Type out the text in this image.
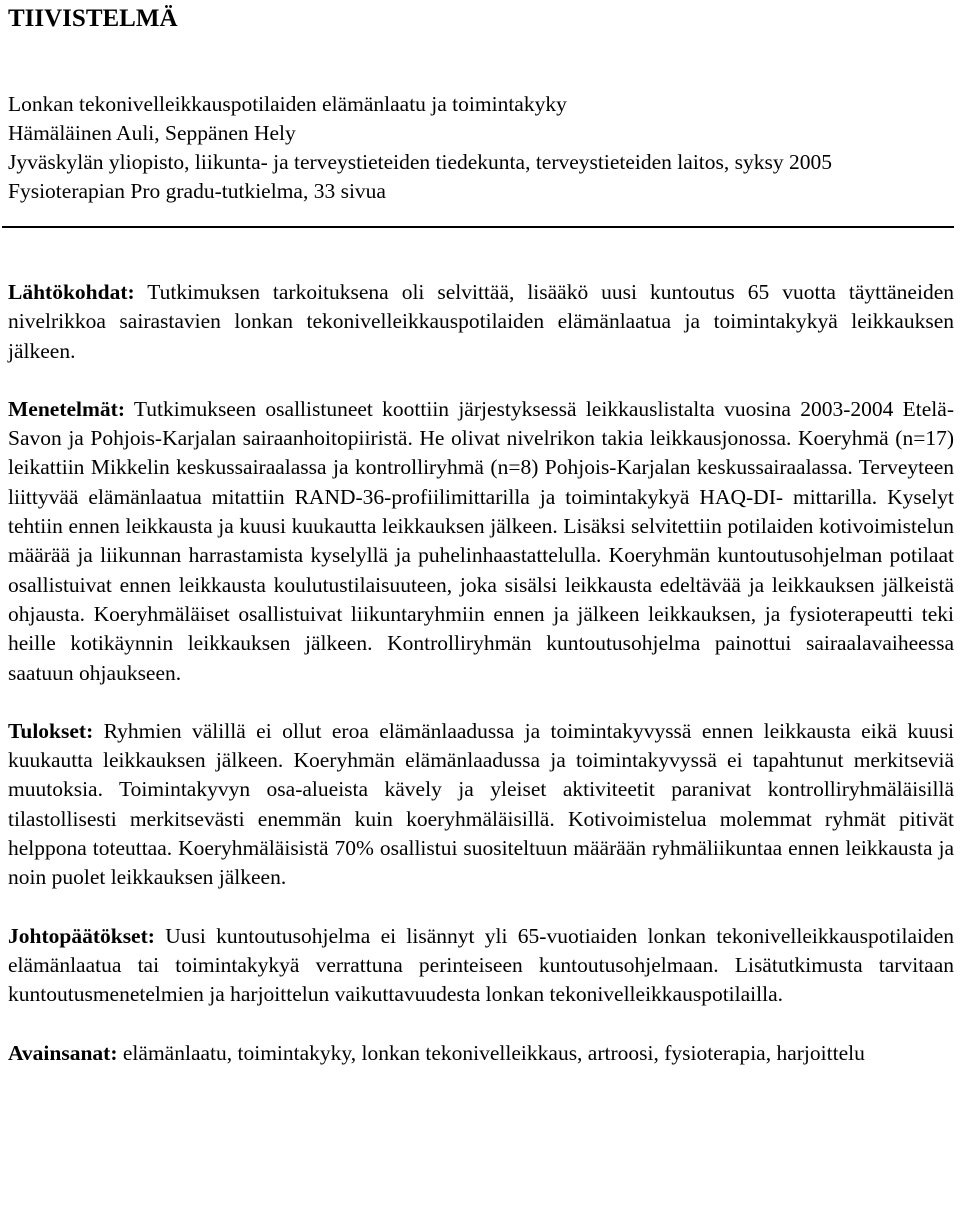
TIIVISTELMÄ
Lonkan tekonivelleikkauspotilaiden elämänlaatu ja toimintakyky
Hämäläinen Auli, Seppänen Hely
Jyväskylän yliopisto, liikunta- ja terveystieteiden tiedekunta, terveystieteiden laitos, syksy 2005
Fysioterapian Pro gradu-tutkielma, 33 sivua

Lähtökohdat: Tutkimuksen tarkoituksena oli selvittää, lisääkö uusi kuntoutus 65 vuotta täyttäneiden nivelrikkoa sairastavien lonkan tekonivelleikkauspotilaiden elämänlaatua ja toimintakykyä leikkauksen jälkeen.

Menetelmät: Tutkimukseen osallistuneet koottiin järjestyksessä leikkauslistalta vuosina 2003-2004 Etelä-Savon ja Pohjois-Karjalan sairaanhoitopiiristä. He olivat nivelrikon takia leikkausjonossa. Koeryhmä (n=17) leikattiin Mikkelin keskussairaalassa ja kontrolliryhmä (n=8) Pohjois-Karjalan keskussairaalassa. Terveyteen liittyvää elämänlaatua mitattiin RAND-36-profiilimittarilla ja toimintakykyä HAQ-DI- mittarilla. Kyselyt tehtiin ennen leikkausta ja kuusi kuukautta leikkauksen jälkeen. Lisäksi selvitettiin potilaiden kotivoimistelun määrää ja liikunnan harrastamista kyselyllä ja puhelinhaastattelulla. Koeryhmän kuntoutusohjelman potilaat osallistuivat ennen leikkausta koulutustilaisuuteen, joka sisälsi leikkausta edeltävää ja leikkauksen jälkeistä ohjausta. Koeryhmäläiset osallistuivat liikuntaryhmiin ennen ja jälkeen leikkauksen, ja fysioterapeutti teki heille kotikäynnin leikkauksen jälkeen. Kontrolliryhmän kuntoutusohjelma painottui sairaalavaiheessa saatuun ohjaukseen.

Tulokset: Ryhmien välillä ei ollut eroa elämänlaadussa ja toimintakyvyssä ennen leikkausta eikä kuusi kuukautta leikkauksen jälkeen. Koeryhmän elämänlaadussa ja toimintakyvyssä ei tapahtunut merkitseviä muutoksia. Toimintakyvyn osa-alueista kävely ja yleiset aktiviteetit paranivat kontrolliryhmäläisillä tilastollisesti merkitsevästi enemmän kuin koeryhmäläisillä. Kotivoimistelua molemmat ryhmät pitivät helppona toteuttaa. Koeryhmäläisistä 70% osallistui suositeltuun määrään ryhmäliikuntaa ennen leikkausta ja noin puolet leikkauksen jälkeen.

Johtopäätökset: Uusi kuntoutusohjelma ei lisännyt yli 65-vuotiaiden lonkan tekonivelleikkauspotilaiden elämänlaatua tai toimintakykyä verrattuna perinteiseen kuntoutusohjelmaan. Lisätutkimusta tarvitaan kuntoutusmenetelmien ja harjoittelun vaikuttavuudesta lonkan tekonivelleikkauspotilailla.

Avainsanat: elämänlaatu, toimintakyky, lonkan tekonivelleikkaus, artroosi, fysioterapia, harjoittelu
